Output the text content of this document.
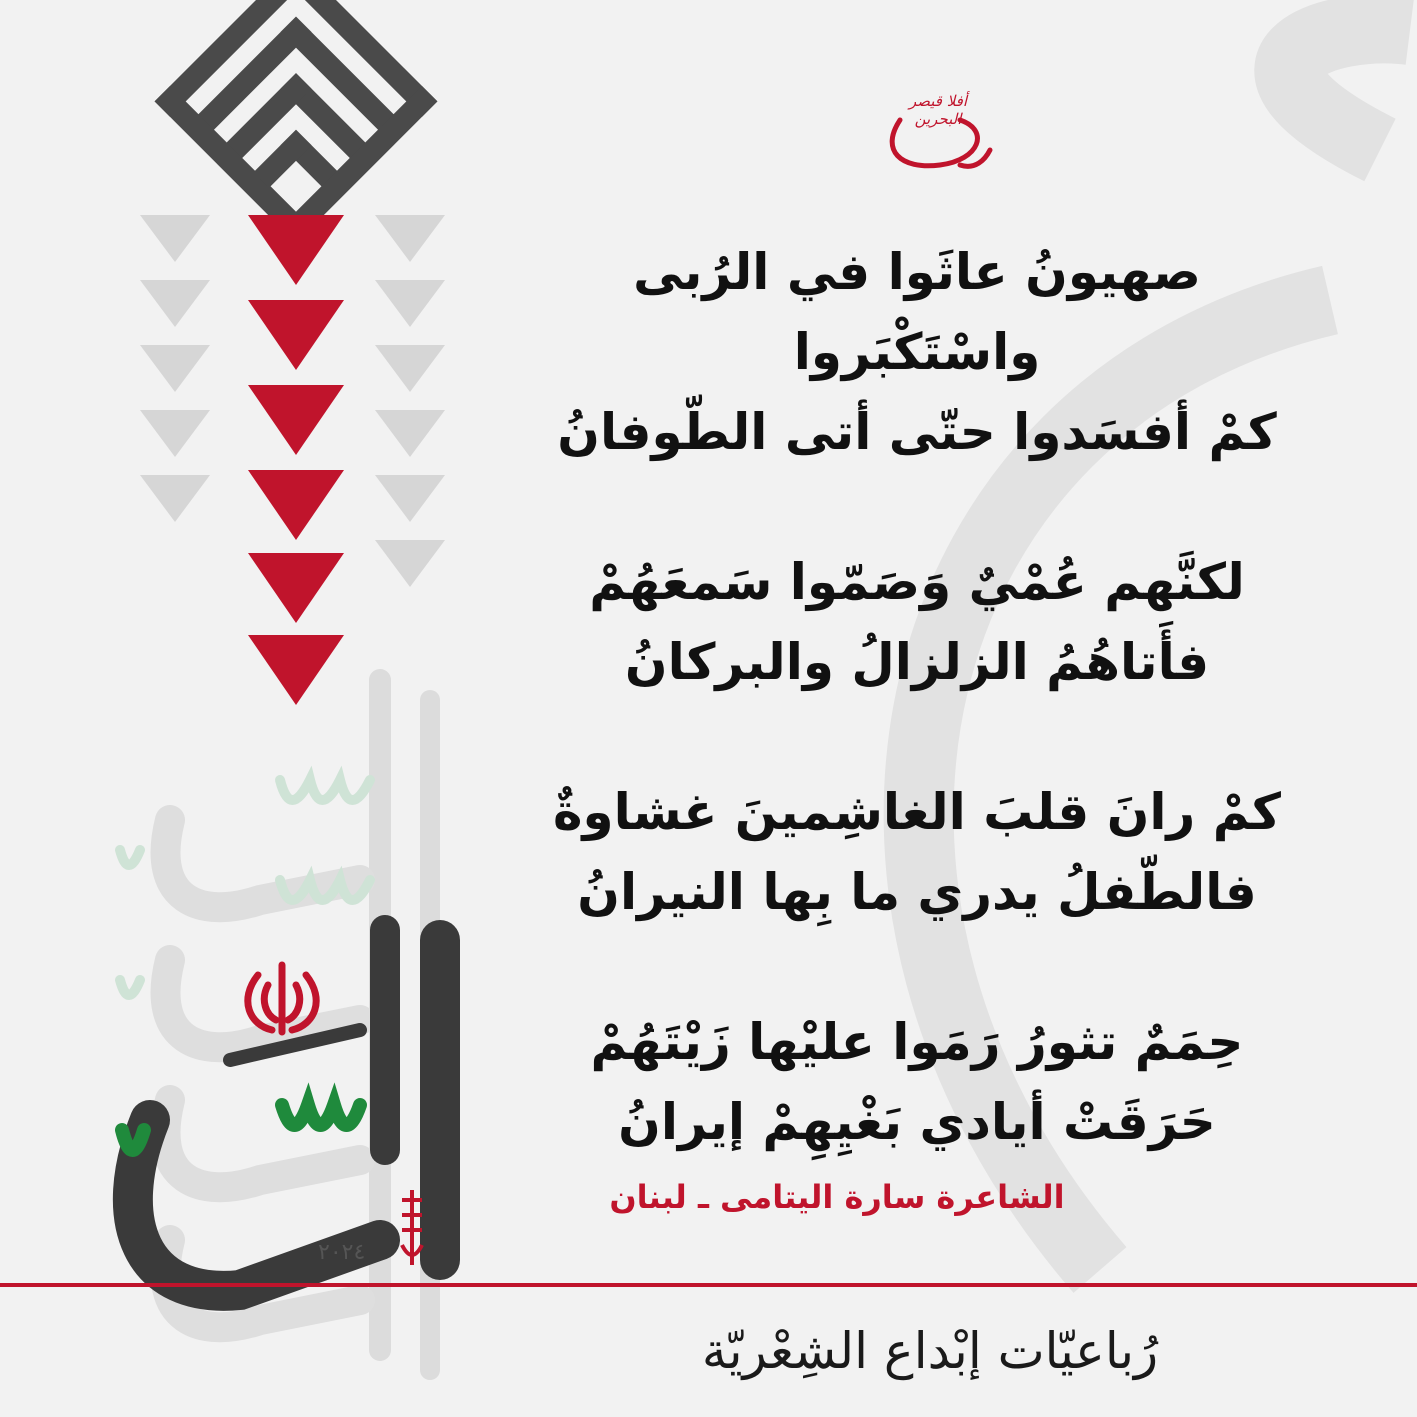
أفلا قيصر البحرين
صهيونُ عاثَوا في الرُبى واسْتَكْبَروا
كمْ أفسَدوا حتّى أتى الطّوفانُ
لكنَّهم عُمْيٌ وَصَمّوا سَمعَهُمْ
فأَتاهُمُ الزلزالُ والبركانُ
كمْ رانَ قلبَ الغاشِمينَ غشاوةٌ
فالطّفلُ يدري ما بِها النيرانُ
حِمَمٌ تثورُ رَمَوا عليْها زَيْتَهُمْ
حَرَقَتْ أيادي بَغْيِهِمْ إيرانُ
الشاعرة سارة اليتامى ـ لبنان
٢٠٢٤
رُباعيّات إبْداع الشِعْريّة
